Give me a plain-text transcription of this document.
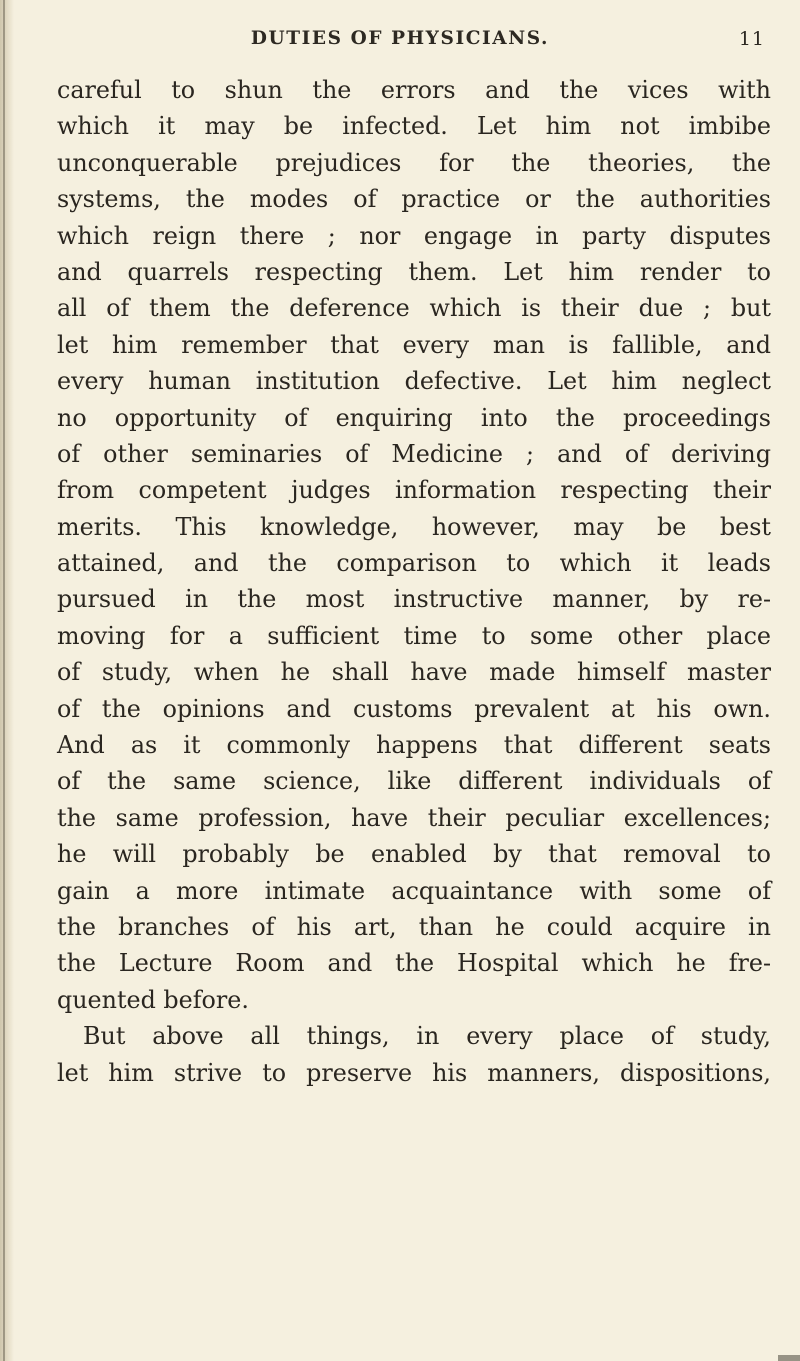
DUTIES OF PHYSICIANS.	11
careful to shun the errors and the vices with
which it may be infected. Let him not imbibe
unconquerable prejudices for the theories, the
systems, the modes of practice or the authorities
which reign there ; nor engage in party disputes
and quarrels respecting them. Let him render to
all of them the deference which is their due ; but
let him remember that every man is fallible, and
every human institution defective. Let him neglect
no opportunity of enquiring into the proceedings
of other seminaries of Medicine ; and of deriving
from competent judges information respecting their
merits. This knowledge, however, may be best
attained, and the comparison to which it leads
pursued in the most instructive manner, by re-
moving for a sufficient time to some other place
of study, when he shall have made himself master
of the opinions and customs prevalent at his own.
And as it commonly happens that different seats
of the same science, like different individuals of
the same profession, have their peculiar excellences;
he will probably be enabled by that removal to
gain a more intimate acquaintance with some of
the branches of his art, than he could acquire in
the Lecture Room and the Hospital which he fre-
quented before.
But above all things, in every place of study,
let him strive to preserve his manners, dispositions,
